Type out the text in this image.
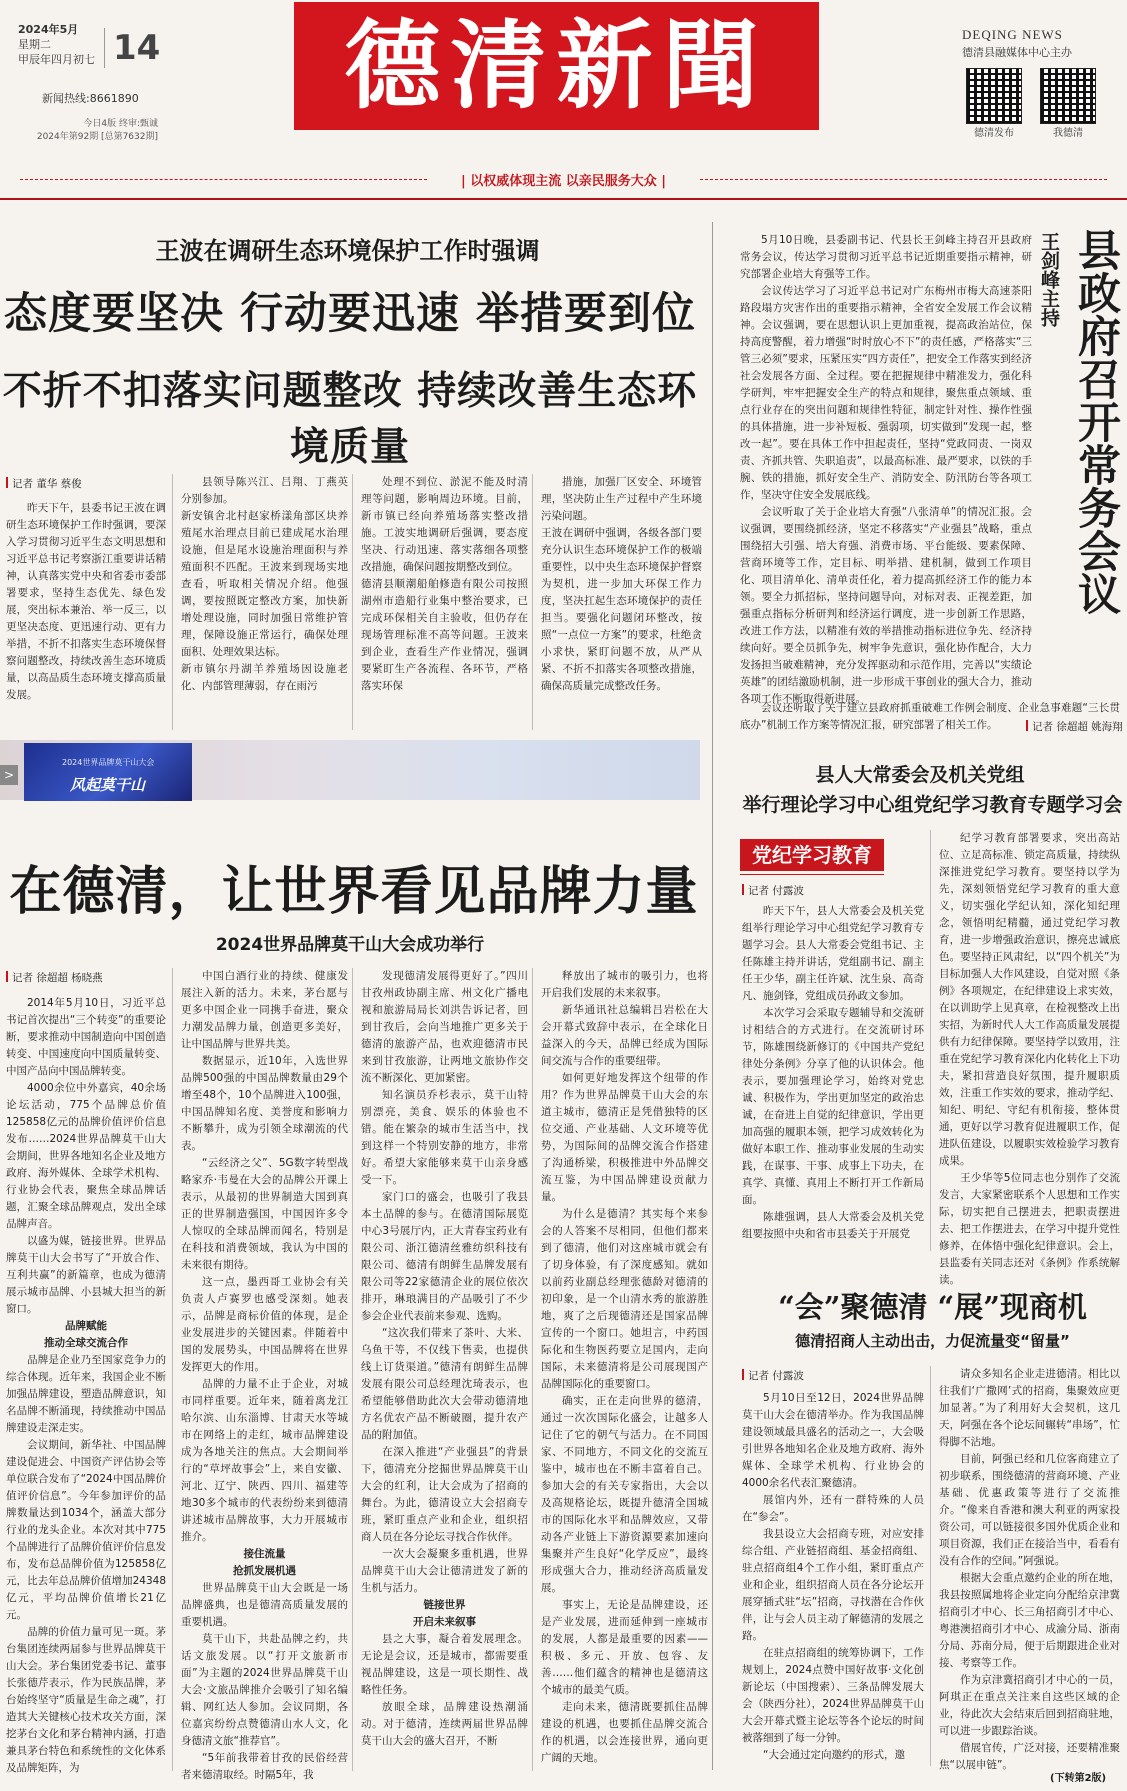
2024年5月
星期二
甲辰年四月初七 14
新闻热线:8661890
今日4版 终审:甄诚
2024年第92期 [总第7632期]
德清新聞	DEQING NEWS
德清县融媒体中心主办
德清发布	我德清
| 以权威体现主流 以亲民服务大众 |
王波在调研生态环境保护工作时强调
态度要坚决 行动要迅速 举措要到位
不折不扣落实问题整改 持续改善生态环境质量
记者 董华 蔡俊

昨天下午，县委书记王波在调研生态环境保护工作时强调，要深入学习贯彻习近平生态文明思想和习近平总书记考察浙江重要讲话精神，认真落实党中央和省委市委部署要求，坚持生态优先、绿色发展，突出标本兼治、举一反三，以更坚决态度、更迅速行动、更有力举措，不折不扣落实生态环境保督察问题整改，持续改善生态环境质量，以高品质生态环境支撑高质量发展。

县领导陈兴江、吕翔、丁燕英分别参加。
新安镇舍北村赵家桥漾角部区块养殖尾水治理点目前已建成尾水治理设施，但是尾水设施治理面积与养殖面积不匹配。王波来到现场实地查看，听取相关情况介绍。他强调，要按照既定整改方案，加快新增处理设施，同时加强日常维护管理，保障设施正常运行，确保处理面积、处理效果达标。
新市镇尔丹湖羊养殖场因设施老化、内部管理薄弱，存在雨污

处理不到位、淤泥不能及时清理等问题，影响周边环境。目前，新市镇已经向养殖场落实整改措施。工波实地调研后强调，要态度坚决、行动迅速、落实落细各项整改措施，确保问题按期整改到位。
德清县顺潮船舶修造有限公司按照湖州市造船行业集中整治要求，已完成环保相关自主验收，但仍存在现场管理标准不高等问题。王波来到企业，查看生产作业情况，强调要紧盯生产各流程、各环节，严格落实环保

措施，加强厂区安全、环境管理，坚决防止生产过程中产生环境污染问题。
王波在调研中强调，各级各部门要充分认识生态环境保护工作的极端重要性，以中央生态环境保护督察为契机，进一步加大环保工作力度，坚决扛起生态环境保护的责任担当。要强化问题闭环整改，按照“一点位一方案”的要求，杜绝贪小求快，紧盯问题不放，从严从紧、不折不扣落实各项整改措施，确保高质量完成整改任务。

县政府召开常务会议
王剑峰主持

5月10日晚，县委副书记、代县长王剑峰主持召开县政府常务会议，传达学习贯彻习近平总书记近期重要指示精神，研究部署企业培大育强等工作。

会议传达学习了习近平总书记对广东梅州市梅大高速茶阳路段塌方灾害作出的重要指示精神，全省安全发展工作会议精神。会议强调，要在思想认识上更加重视，提高政治站位，保持高度警醒，着力增强“时时放心不下”的责任感，严格落实“三管三必须”要求，压紧压实“四方责任”，把安全工作落实到经济社会发展各方面、全过程。要在把握规律中精准发力，强化科学研判，牢牢把握安全生产的特点和规律，聚焦重点领域、重点行业存在的突出问题和规律性特征，制定针对性、操作性强的具体措施，进一步补短板、强弱项，切实做到“发现一起，整改一起”。要在具体工作中担起责任，坚持“党政同责、一岗双责、齐抓共管、失职追责”，以最高标准、最严要求，以铁的手腕、铁的措施，抓好安全生产、消防安全、防汛防台等各项工作，坚决守住安全发展底线。

会议听取了关于企业培大育强“八张清单”的情况汇报。会议强调，要围绕抓经济，坚定不移落实“产业强县”战略，重点围绕招大引强、培大育强、消费市场、平台能级、要素保障、营商环境等工作，定目标、明举措、建机制，做到工作项目化、项目清单化、清单责任化，着力提高抓经济工作的能力本领。要全力抓招标，坚持问题导向，对标对表、正视差距，加强重点指标分析研判和经济运行调度，进一步创新工作思路，改进工作方法，以精准有效的举措推动指标进位争先、经济持续向好。要全员抓争先，树牢争先意识，强化协作配合，大力发扬担当破难精神，充分发挥驱动和示范作用，完善以“实绩论英雄”的团结激励机制，进一步形成干事创业的强大合力，推动各项工作不断取得新进展。

会议还听取了关于建立县政府抓重破难工作例会制度、企业急事难题“三长贯底办”机制工作方案等情况汇报，研究部署了相关工作。	记者 徐超超 姚海翔
>
2024世界品牌莫干山大会
风起莫干山
在德清，让世界看见品牌力量
2024世界品牌莫干山大会成功举行
记者 徐超超 杨晓燕

2014年5月10日，习近平总书记首次提出“三个转变”的重要论断，要求推动中国制造向中国创造转变、中国速度向中国质量转变、中国产品向中国品牌转变。

4000余位中外嘉宾，40余场论坛活动，775个品牌总价值125858亿元的品牌价值评价信息发布……2024世界品牌莫干山大会期间，世界各地知名企业及地方政府、海外媒体、全球学术机构、行业协会代表，聚焦全球品牌话题，汇聚全球品牌观点，发出全球品牌声音。

以盛为媒，链接世界。世界品牌莫干山大会书写了“开放合作、互利共赢”的新篇章，也成为德清展示城市品牌、小县城大担当的新窗口。

品牌赋能

推动全球交流合作

品牌是企业乃至国家竞争力的综合体现。近年来，我国企业不断加强品牌建设，塑造品牌意识，知名品牌不断涌现，持续推动中国品牌建设走深走实。

会议期间，新华社、中国品牌建设促进会、中国资产评估协会等单位联合发布了“2024中国品牌价值评价信息”。今年参加评价的品牌数量达到1034个，涵盖大部分行业的龙头企业。本次对其中775个品牌进行了品牌价值评价信息发布，发布总品牌价值为125858亿元，比去年总品牌价值增加24348亿元，平均品牌价值增长21亿元。

品牌的价值力量可见一斑。茅台集团连续两届参与世界品牌莫干山大会。茅台集团党委书记、董事长张德芹表示，作为民族品牌，茅台始终坚守“质量是生命之魂”，打造其大关键核心技术攻关方面，深挖茅台文化和茅台精神内涵，打造兼具茅台特色和系统性的文化体系及品牌矩阵，为

中国白酒行业的持续、健康发展注入新的活力。未来，茅台愿与更多中国企业一同携手奋进，聚众力潮发品牌力量，创造更多美好，让中国品牌与世界共美。

数据显示，近10年，入选世界品牌500强的中国品牌数量由29个增至48个，10个品牌进入100强，中国品牌知名度、美誉度和影响力不断攀升，成为引领全球潮流的代表。

“云经济之父”、5G数字转型战略家乔·韦曼在大会的品牌公开课上表示，从最初的世界制造大国到真正的世界制造强国，中国因许多令人惊叹的全球品牌而闻名，特别是在科技和消费领域，我认为中国的未来很有期待。

这一点，墨西哥工业协会有关负责人卢赛罗也感受深刻。她表示，品牌是商标价值的体现，是企业发展进步的关键因素。伴随着中国的发展势头，中国品牌将在世界发挥更大的作用。

品牌的力量不止于企业，对城市同样重要。近年来，随着离龙江哈尔滨、山东淄博、甘肃天水等城市在网络上的走红，城市品牌建设成为各地关注的焦点。大会期间举行的“草坪故事会”上，来自安徽、河北、辽宁、陕西、四川、福建等地30多个城市的代表纷纷来到德清讲述城市品牌故事，大力开展城市推介。

接住流量

抢抓发展机遇

世界品牌莫干山大会既是一场品牌盛典，也是德清高质量发展的重要机遇。

莫干山下，共赴品牌之约，共话文旅发展。以“打开文旅新市面”为主题的2024世界品牌莫干山大会·文旅品牌推介会吸引了知名编辑、网红达人参加。会议同期，各位嘉宾纷纷点赞德清山水人文，化身德清文旅“推荐官”。

“5年前我带着甘孜的民俗经营者来德清取经。时隔5年，我

发现德清发展得更好了。”四川甘孜州政协副主席、州文化广播电视和旅游局局长刘洪告诉记者，回到甘孜后，会向当地推广更多关于德清的旅游产品，也欢迎德清市民来到甘孜旅游，让两地文旅协作交流不断深化、更加紧密。

知名演员乔杉表示，莫干山特别漂亮，美食、娱乐的体验也不错。能在繁杂的城市生活当中，找到这样一个特别安静的地方，非常好。希望大家能够来莫干山亲身感受一下。

家门口的盛会，也吸引了我县本土品牌的参与。在德清国际展览中心3号展厅内，正大青春宝药业有限公司、浙江德清丝雅纺织科技有限公司、德清有朗鲜生品牌发展有限公司等22家德清企业的展位依次排开，琳琅满目的产品吸引了不少参会企业代表前来参观、选购。

“这次我们带来了茶叶、大米、乌鱼干等，不仅线下售卖，也提供线上订货渠道。”德清有朗鲜生品牌发展有限公司总经理沈琦表示，也希望能够借助此次大会带动德清地方名优农产品不断破圈，提升农产品的附加值。

在深入推进“产业强县”的背景下，德清充分挖掘世界品牌莫干山大会的红利，让大会成为了招商的舞台。为此，德清设立大会招商专班，紧盯重点产业和企业，组织招商人员在各分论坛寻找合作伙伴。

一次大会凝聚多重机遇，世界品牌莫干山大会让德清迸发了新的生机与活力。

链接世界

开启未来叙事

县之大事，凝合着发展理念。无论是会议，还是城市，都需要重视品牌建设，这是一项长期性、战略性任务。

放眼全球，品牌建设热潮涌动。对于德清，连续两届世界品牌莫干山大会的盛大召开，不断

释放出了城市的吸引力，也将开启我们发展的未来叙事。

新华通讯社总编辑吕岩松在大会开幕式致辞中表示，在全球化日益深入的今天，品牌已经成为国际间交流与合作的重要纽带。

如何更好地发挥这个纽带的作用？作为世界品牌莫干山大会的东道主城市，德清正是凭借独特的区位交通、产业基础、人文环境等优势，为国际间的品牌交流合作搭建了沟通桥梁，积极推进中外品牌交流互鉴，为中国品牌建设贡献力量。

为什么是德清？其实每个来参会的人答案不尽相同，但他们都来到了德清，他们对这座城市就会有了切身体验，有了深度感知。就如以前药业副总经理张德龄对德清的初印象，是一个山清水秀的旅游胜地，爽了之后现德清还是国家品牌宣传的一个窗口。她坦言，中药国际化和生物医药要立足国内，走向国际，未来德清将是公司展现国产品牌国际化的重要窗口。

确实，正在走向世界的德清，通过一次次国际化盛会，让越多人记住了它的朝气与活力。在不同国家、不同地方，不同文化的交流互鉴中，城市也在不断丰富着自己。参加大会的有关专家指出，大会以及高规格论坛，既提升德清全国城市的国际化水平和品牌效应，又带动各产业链上下游资源要素加速向集聚并产生良好“化学反应”，最终形成强大合力，推动经济高质量发展。

事实上，无论是品牌建设，还是产业发展，进而延伸到一座城市的发展，人都是最重要的因素——积极、多元、开放、包容、友善……他们蕴含的精神也是德清这个城市的最美气质。

走向未来，德清既要抓住品牌建设的机遇，也要抓住品牌交流合作的机遇，以会连接世界，通向更广阔的天地。

县人大常委会及机关党组
举行理论学习中心组党纪学习教育专题学习会
党纪学习教育
记者 付露波

昨天下午，县人大常委会及机关党组举行理论学习中心组党纪学习教育专题学习会。县人大常委会党组书记、主任陈雄主持并讲话，党组副书记、副主任王少华，副主任许斌、沈生泉、高奇凡、施剑锋，党组成员孙政文参加。

本次学习会采取专题辅导和交流研讨相结合的方式进行。在交流研讨环节，陈雄围绕新修订的《中国共产党纪律处分条例》分享了他的认识体会。他表示，要加强理论学习，始终对党忠诚、积极作为，学出更加坚定的政治忠诚，在奋进上自觉的纪律意识，学出更加高强的履职本领，把学习成效转化为做好本职工作、推动事业发展的生动实践，在谋事、干事、成事上下功夫，在真学、真懂、真用上不断打开工作新局面。

陈雄强调，县人大常委会及机关党组要按照中央和省市县委关于开展党

纪学习教育部署要求，突出高站位、立足高标准、锁定高质量，持续纵深推进党纪学习教育。要坚持以学为先，深刻领悟党纪学习教育的重大意义，切实强化学纪认知，深化知纪理念，领悟明纪精髓，通过党纪学习教育，进一步增强政治意识，擦亮忠诚底色。要坚持正风肃纪，以“四个机关”为目标加强人大作风建设，自觉对照《条例》各项规定，在纪律建设上求实效，在以训助学上见真章，在检视整改上出实招，为新时代人大工作高质量发展提供有力纪律保障。要坚持学以致用，注重在党纪学习教育深化内化转化上下功夫，紧扣营造良好氛围，提升履职质效，注重工作实效的要求，推动学纪、知纪、明纪、守纪有机衔接，整体贯通，更好以学习教育促进履职工作，促进队伍建设，以履职实效检验学习教育成果。

王少华等5位同志也分别作了交流发言，大家紧密联系个人思想和工作实际，切实把自己摆进去，把职责摆进去、把工作摆进去，在学习中提升党性修养，在体悟中强化纪律意识。会上，县监委有关同志还对《条例》作系统解读。

“会”聚德清 “展”现商机
德清招商人主动出击，力促流量变“留量”
记者 付露波

5月10日至12日，2024世界品牌莫干山大会在德清举办。作为我国品牌建设领域最具盛名的活动之一，大会吸引世界各地知名企业及地方政府、海外媒体、全球学术机构、行业协会的4000余名代表汇聚德清。

展馆内外，还有一群特殊的人员在“参会”。

我县设立大会招商专班，对应安排综合组、产业链招商组、基金招商组、驻点招商组4个工作小组，紧盯重点产业和企业，组织招商人员在各分论坛开展穿插式驻“坛”招商，寻找潜在合作伙伴，让与会人员主动了解德清的发展之路。

在驻点招商组的统筹协调下，工作规划上，2024点赞中国好故事·文化创新论坛（中国搜索）、三条品牌发展大会（陕西分社），2024世界品牌莫干山大会开幕式暨主论坛等各个论坛的时间被落细到了每一分钟。

“大会通过定向邀约的形式，邀

请众多知名企业走进德清。相比以往我们‘广撒网’式的招商，集聚效应更加显著。”为了利用好大会契机，这几天，阿强在各个论坛间辗转“串场”，忙得脚不沾地。

目前，阿强已经和几位客商建立了初步联系，围绕德清的营商环境、产业基础、优惠政策等进行了交流推介。“像来自香港和澳大利亚的两家投资公司，可以链接很多国外优质企业和项目资源，我们正在接洽当中，看看有没有合作的空间。”阿强说。

根据大会重点邀约企业的所在地，我县按照属地将企业定向分配给京津冀招商引才中心、长三角招商引才中心、粤港澳招商引才中心、成渝分局、浙南分局、苏南分局，便于后期跟进企业对接、考察等工作。

作为京津冀招商引才中心的一员，阿琪正在重点关注来自这些区域的企业，待此次大会结束后回到招商驻地，可以进一步跟踪治谈。

借展官传，广泛对接，还要精准聚焦“以展申链”。

(下转第2版)
